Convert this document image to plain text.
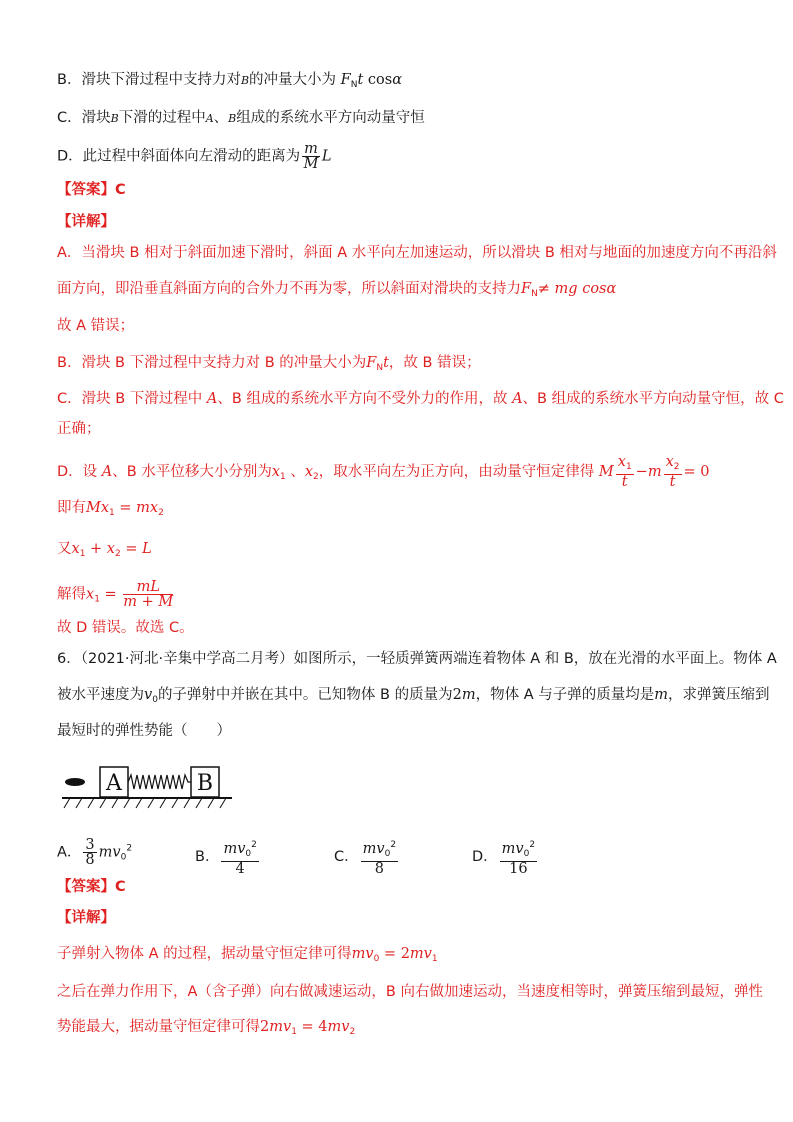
B．滑块下滑过程中支持力对B的冲量大小为 $F_Nt$ cosα
C．滑块B下滑的过程中A、B组成的系统水平方向动量守恒
D．此过程中斜面体向左滑动的距离为 $\frac{m}{M}$ L
【答案】C
【详解】
A．当滑块 B 相对于斜面加速下滑时，斜面 A 水平向左加速运动，所以滑块 B 相对与地面的加速度方向不再沿斜
面方向，即沿垂直斜面方向的合外力不再为零，所以斜面对滑块的支持力$F_N\ne$ mg cosα
故 A 错误；
B．滑块 B 下滑过程中支持力对 B 的冲量大小为$F_Nt$，故 B 错误；
C．滑块 B 下滑过程中 A、B 组成的系统水平方向不受外力的作用，故 A、B 组成的系统水平方向动量守恒，故 C
正确；
D．设 A、B 水平位移大小分别为$x_1$ 、$x_2$，取水平向左为正方向，由动量守恒定律得 M $\frac{x_1}{t} -m \frac{x_2}{t} = 0$
即有$Mx_1 = mx_2$
又$x_1 + x_2 = L$
解得$x_1 = \frac{mL}{m + M}$
故 D 错误。故选 C。
6．（2021·河北·辛集中学高二月考）如图所示，一轻质弹簧两端连着物体 A 和 B，放在光滑的水平面上。物体 A
被水平速度为$v_0$的子弹射中并嵌在其中。已知物体 B 的质量为2m，物体 A 与子弹的质量均是m，求弹簧压缩到
最短时的弹性势能（　　）
A	B
A． $\frac{3}{8} mv_0^2$
B． $\frac{mv_0^2}{4}$	C． $\frac{mv_0^2}{8}$	D． $\frac{mv_0^2}{16}$
【答案】C
【详解】
子弹射入物体 A 的过程，据动量守恒定律可得$mv_0 = 2mv_1$
之后在弹力作用下，A（含子弹）向右做减速运动，B 向右做加速运动，当速度相等时，弹簧压缩到最短，弹性
势能最大，据动量守恒定律可得$2mv_1 = 4mv_2$
